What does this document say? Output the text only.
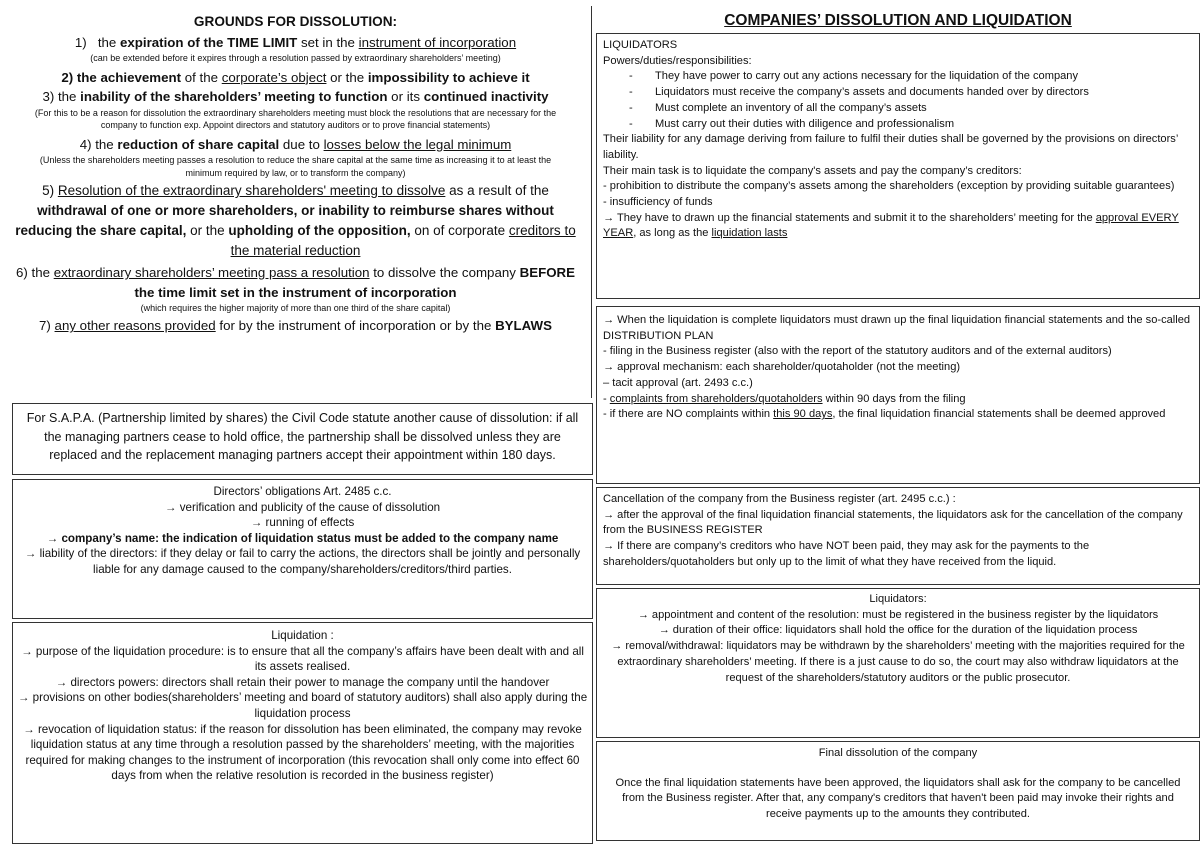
GROUNDS FOR DISSOLUTION:
1) the expiration of the TIME LIMIT set in the instrument of incorporation
(can be extended before it expires through a resolution passed by extraordinary shareholders’ meeting)
2) the achievement of the corporate’s object or the impossibility to achieve it
3) the inability of the shareholders’ meeting to function or its continued inactivity
(For this to be a reason for dissolution the extraordinary shareholders meeting must block the resolutions that are necessary for the company to function exp. Appoint directors and statutory auditors or to prove financial statements)
4) the reduction of share capital due to losses below the legal minimum
(Unless the shareholders meeting passes a resolution to reduce the share capital at the same time as increasing it to at least the minimum required by law, or to transform the company)
5) Resolution of the extraordinary shareholders' meeting to dissolve as a result of the withdrawal of one or more shareholders, or inability to reimburse shares without reducing the share capital, or the upholding of the opposition, on of corporate creditors to the material reduction
6) the extraordinary shareholders’ meeting pass a resolution to dissolve the company BEFORE the time limit set in the instrument of incorporation
(which requires the higher majority of more than one third of the share capital)
7) any other reasons provided for by the instrument of incorporation or by the BYLAWS
For S.A.P.A. (Partnership limited by shares) the Civil Code statute another cause of dissolution: if all the managing partners cease to hold office, the partnership shall be dissolved unless they are replaced and the replacement managing partners accept their appointment within 180 days.
Directors’ obligations Art. 2485 c.c.
→ verification and publicity of the cause of dissolution
→ running of effects
→ company’s name: the indication of liquidation status must be added to the company name
→ liability of the directors: if they delay or fail to carry the actions, the directors shall be jointly and personally liable for any damage caused to the company/shareholders/creditors/third parties.
Liquidation :
→ purpose of the liquidation procedure: is to ensure that all the company’s affairs have been dealt with and all its assets realised.
→ directors powers: directors shall retain their power to manage the company until the handover
→ provisions on other bodies(shareholders’ meeting and board of statutory auditors) shall also apply during the liquidation process
→ revocation of liquidation status: if the reason for dissolution has been eliminated, the company may revoke liquidation status at any time through a resolution passed by the shareholders’ meeting, with the majorities required for making changes to the instrument of incorporation (this revocation shall only come into effect 60 days from when the relative resolution is recorded in the business register)
COMPANIES’ DISSOLUTION AND LIQUIDATION
LIQUIDATORS
Powers/duties/responsibilities:
- They have power to carry out any actions necessary for the liquidation of the company
- Liquidators must receive the company’s assets and documents handed over by directors
- Must complete an inventory of all the company’s assets
- Must carry out their duties with diligence and professionalism
Their liability for any damage deriving from failure to fulfil their duties shall be governed by the provisions on directors’ liability.
Their main task is to liquidate the company's assets and pay the company’s creditors:
- prohibition to distribute the company’s assets among the shareholders (exception by providing suitable guarantees)
- insufficiency of funds
→ They have to drawn up the financial statements and submit it to the shareholders’ meeting for the approval EVERY YEAR, as long as the liquidation lasts
→ When the liquidation is complete liquidators must drawn up the final liquidation financial statements and the so-called DISTRIBUTION PLAN
- filing in the Business register (also with the report of the statutory auditors and of the external auditors)
→ approval mechanism: each shareholder/quotaholder (not the meeting)
– tacit approval (art. 2493 c.c.)
- complaints from shareholders/quotaholders within 90 days from the filing
- if there are NO complaints within this 90 days, the final liquidation financial statements shall be deemed approved
Cancellation of the company from the Business register (art. 2495 c.c.) :
→ after the approval of the final liquidation financial statements, the liquidators ask for the cancellation of the company from the BUSINESS REGISTER
→ If there are company’s creditors who have NOT been paid, they may ask for the payments to the shareholders/quotaholders but only up to the limit of what they have received from the liquid.
Liquidators:
→ appointment and content of the resolution: must be registered in the business register by the liquidators
→ duration of their office: liquidators shall hold the office for the duration of the liquidation process
→ removal/withdrawal: liquidators may be withdrawn by the shareholders’ meeting with the majorities required for the extraordinary shareholders’ meeting. If there is a just cause to do so, the court may also withdraw liquidators at the request of the shareholders/statutory auditors or the public prosecutor.
Final dissolution of the company
Once the final liquidation statements have been approved, the liquidators shall ask for the company to be cancelled from the Business register. After that, any company's creditors that haven't been paid may invoke their rights and receive payments up to the amounts they contributed.
